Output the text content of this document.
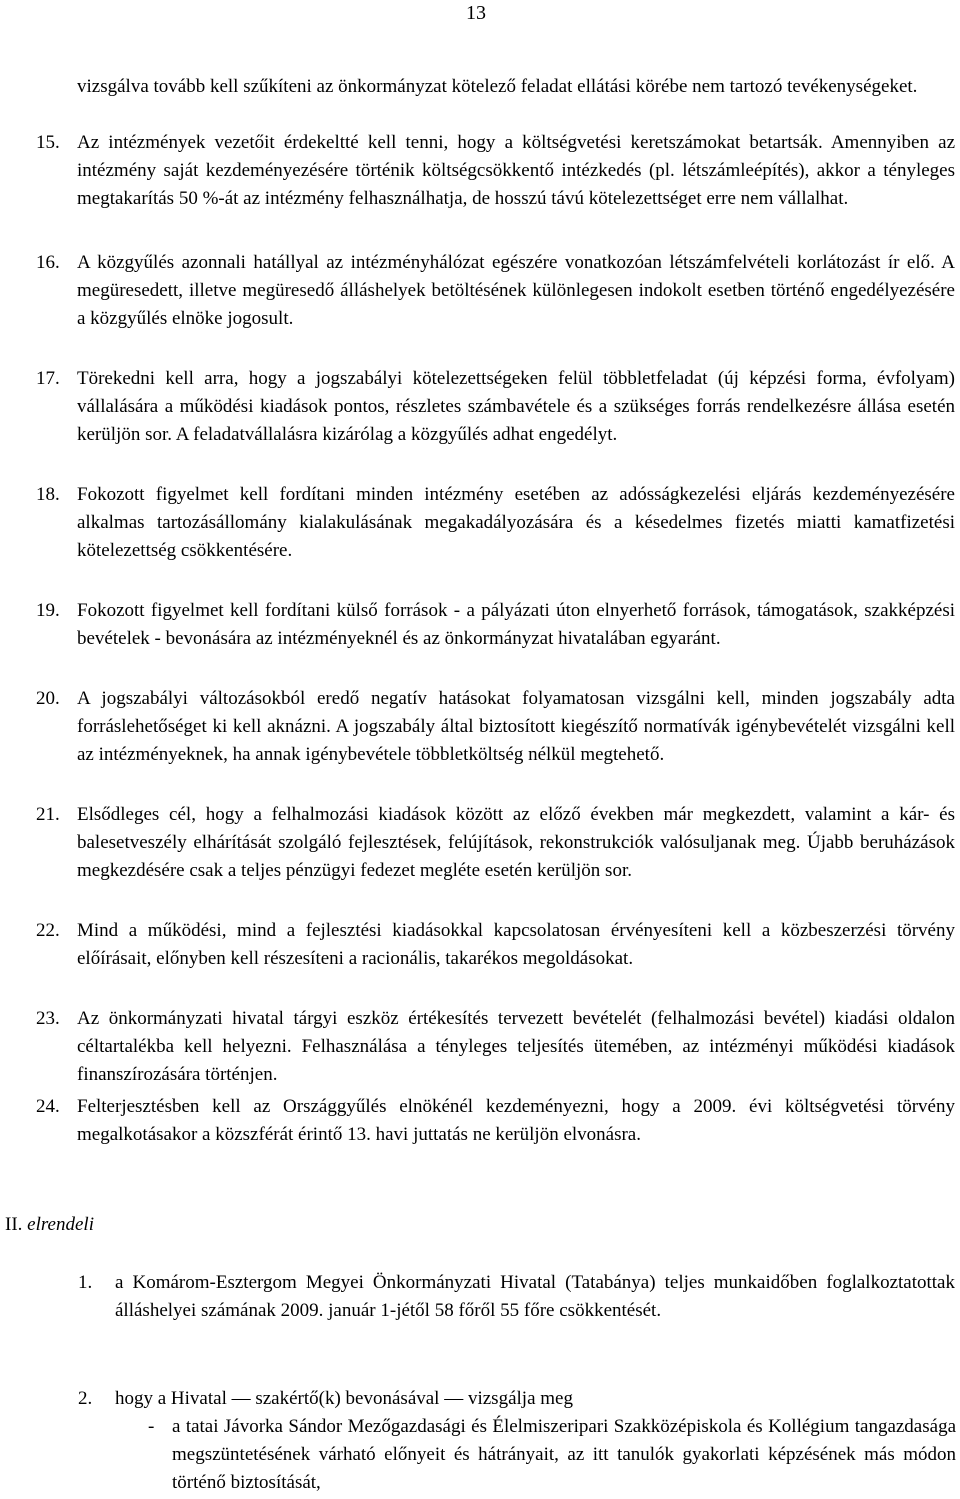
13
vizsgálva tovább kell szűkíteni az önkormányzat kötelező feladat ellátási körébe nem tartozó tevékenységeket.
15. Az intézmények vezetőit érdekeltté kell tenni, hogy a költségvetési keretszámokat betartsák. Amennyiben az intézmény saját kezdeményezésére történik költségcsökkentő intézkedés (pl. létszámleépítés), akkor a tényleges megtakarítás 50 %-át az intézmény felhasználhatja, de hosszú távú kötelezettséget erre nem vállalhat.
16. A közgyűlés azonnali hatállyal az intézményhálózat egészére vonatkozóan létszámfelvételi korlátozást ír elő. A megüresedett, illetve megüresedő álláshelyek betöltésének különlegesen indokolt esetben történő engedélyezésére a közgyűlés elnöke jogosult.
17. Törekedni kell arra, hogy a jogszabályi kötelezettségeken felül többletfeladat (új képzési forma, évfolyam) vállalására a működési kiadások pontos, részletes számbavétele és a szükséges forrás rendelkezésre állása esetén kerüljön sor. A feladatvállalásra kizárólag a közgyűlés adhat engedélyt.
18. Fokozott figyelmet kell fordítani minden intézmény esetében az adósságkezelési eljárás kezdeményezésére alkalmas tartozásállomány kialakulásának megakadályozására és a késedelmes fizetés miatti kamatfizetési kötelezettség csökkentésére.
19. Fokozott figyelmet kell fordítani külső források - a pályázati úton elnyerhető források, támogatások, szakképzési bevételek - bevonására az intézményeknél és az önkormányzat hivatalában egyaránt.
20. A jogszabályi változásokból eredő negatív hatásokat folyamatosan vizsgálni kell, minden jogszabály adta forráslehetőséget ki kell aknázni. A jogszabály által biztosított kiegészítő normatívák igénybevételét vizsgálni kell az intézményeknek, ha annak igénybevétele többletköltség nélkül megtehető.
21. Elsődleges cél, hogy a felhalmozási kiadások között az előző években már megkezdett, valamint a kár- és balesetveszély elhárítását szolgáló fejlesztések, felújítások, rekonstrukciók valósuljanak meg. Újabb beruházások megkezdésére csak a teljes pénzügyi fedezet megléte esetén kerüljön sor.
22. Mind a működési, mind a fejlesztési kiadásokkal kapcsolatosan érvényesíteni kell a közbeszerzési törvény előírásait, előnyben kell részesíteni a racionális, takarékos megoldásokat.
23. Az önkormányzati hivatal tárgyi eszköz értékesítés tervezett bevételét (felhalmozási bevétel) kiadási oldalon céltartalékba kell helyezni. Felhasználása a tényleges teljesítés ütemében, az intézményi működési kiadások finanszírozására történjen.
24. Felterjesztésben kell az Országgyűlés elnökénél kezdeményezni, hogy a 2009. évi költségvetési törvény megalkotásakor a közszférát érintő 13. havi juttatás ne kerüljön elvonásra.
II. elrendeli
1. a Komárom-Esztergom Megyei Önkormányzati Hivatal (Tatabánya) teljes munkaidőben foglalkoztatottak álláshelyei számának 2009. január 1-jétől 58 főről 55 főre csökkentését.
2. hogy a Hivatal — szakértő(k) bevonásával — vizsgálja meg
- a tatai Jávorka Sándor Mezőgazdasági és Élelmiszeripari Szakközépiskola és Kollégium tangazdasága megszüntetésének várható előnyeit és hátrányait, az itt tanulók gyakorlati képzésének más módon történő biztosítását,
